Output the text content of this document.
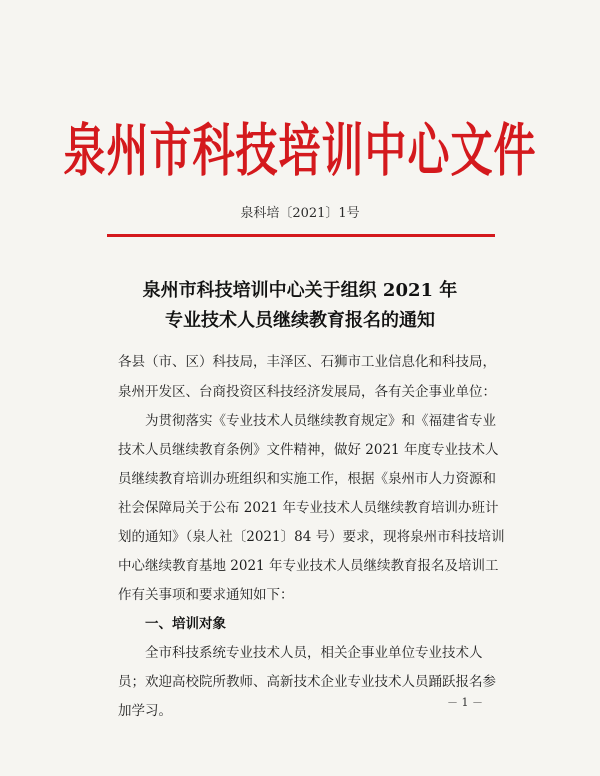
泉州市科技培训中心文件
泉科培〔2021〕1号
泉州市科技培训中心关于组织 2021 年
专业技术人员继续教育报名的通知
各县（市、区）科技局，丰泽区、石狮市工业信息化和科技局，
泉州开发区、台商投资区科技经济发展局，各有关企事业单位：
为贯彻落实《专业技术人员继续教育规定》和《福建省专业
技术人员继续教育条例》文件精神，做好 2021 年度专业技术人
员继续教育培训办班组织和实施工作，根据《泉州市人力资源和
社会保障局关于公布 2021 年专业技术人员继续教育培训办班计
划的通知》（泉人社〔2021〕84 号）要求，现将泉州市科技培训
中心继续教育基地 2021 年专业技术人员继续教育报名及培训工
作有关事项和要求通知如下：
一、培训对象
全市科技系统专业技术人员，相关企事业单位专业技术人
员；欢迎高校院所教师、高新技术企业专业技术人员踊跃报名参
加学习。
－ 1 －
